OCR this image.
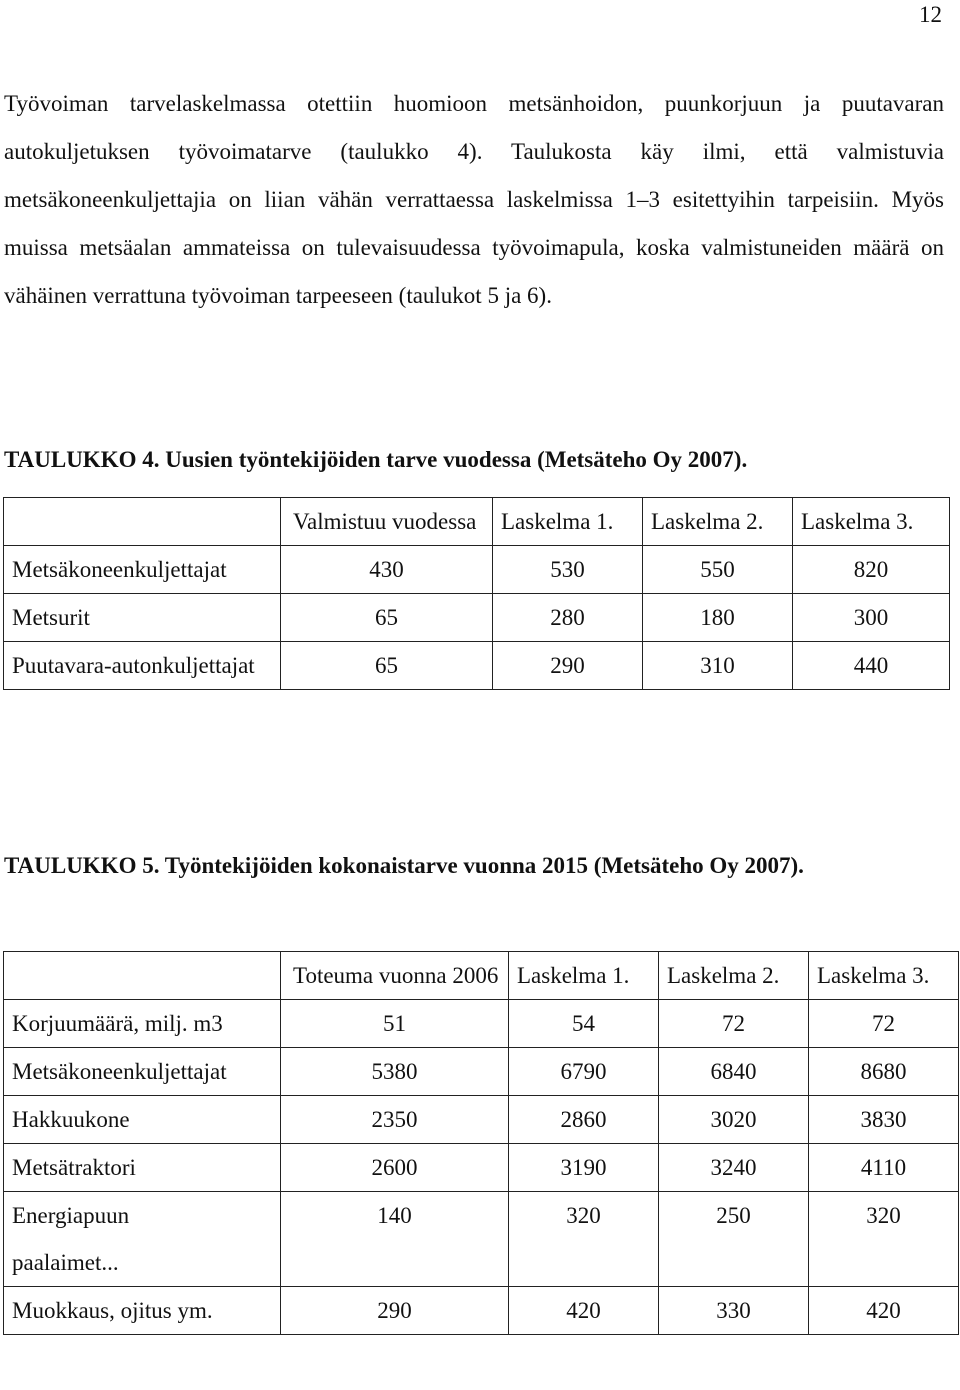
12

Työvoiman tarvelaskelmassa otettiin huomioon metsänhoidon, puunkorjuun ja puutavaran autokuljetuksen työvoimatarve (taulukko 4). Taulukosta käy ilmi, että valmistuvia metsäkoneenkuljettajia on liian vähän verrattaessa laskelmissa 1–3 esitettyihin tarpeisiin. Myös muissa metsäalan ammateissa on tulevaisuudessa työvoimapula, koska valmistuneiden määrä on vähäinen verrattuna työvoiman tarpeeseen (taulukot 5 ja 6).

TAULUKKO 4. Uusien työntekijöiden tarve vuodessa (Metsäteho Oy 2007).

	Valmistuu vuodessa	Laskelma 1.	Laskelma 2.	Laskelma 3.
Metsäkoneenkuljettajat	430	530	550	820
Metsurit	65	280	180	300
Puutavara-autonkuljettajat	65	290	310	440

TAULUKKO 5. Työntekijöiden kokonaistarve vuonna 2015 (Metsäteho Oy 2007).

	Toteuma vuonna 2006	Laskelma 1.	Laskelma 2.	Laskelma 3.
Korjuumäärä, milj. m3	51	54	72	72
Metsäkoneenkuljettajat	5380	6790	6840	8680
Hakkuukone	2350	2860	3020	3830
Metsätraktori	2600	3190	3240	4110
Energiapuun paalaimet...	140	320	250	320
Muokkaus, ojitus ym.	290	420	330	420
